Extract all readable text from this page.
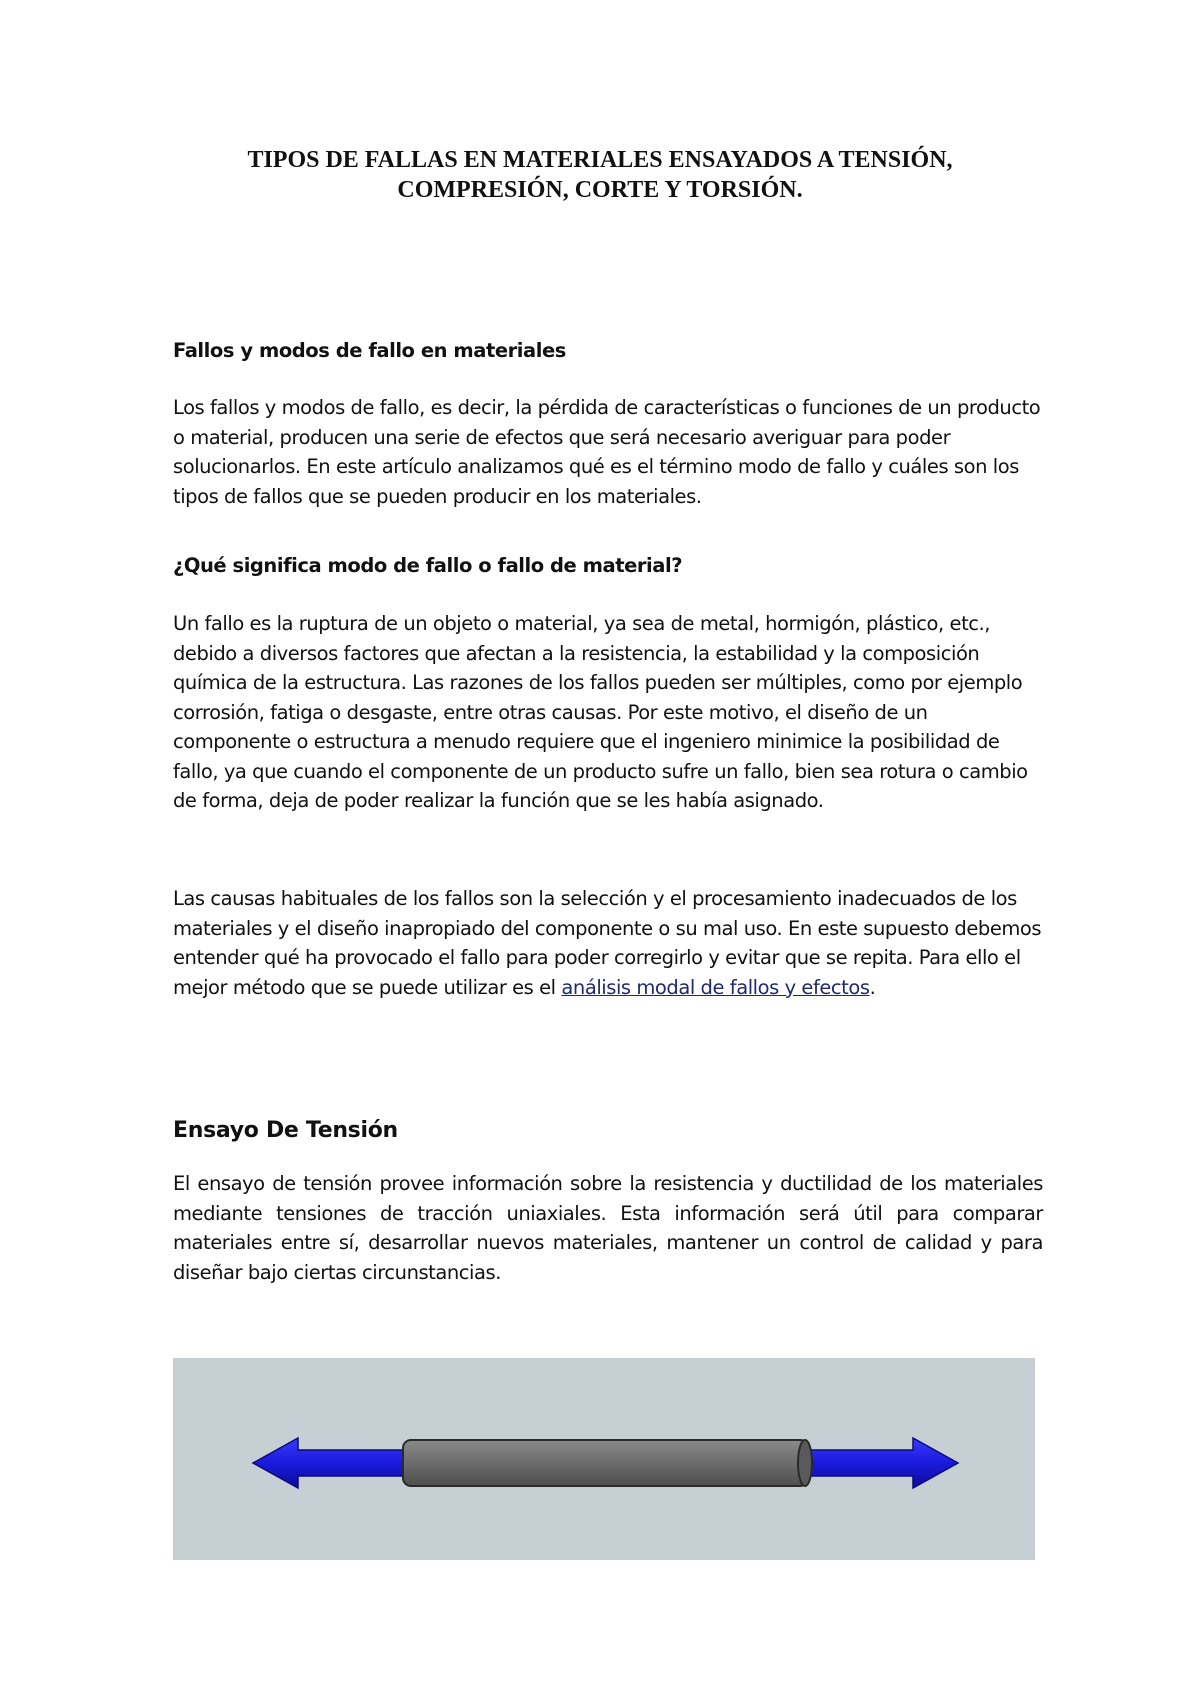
TIPOS DE FALLAS EN MATERIALES ENSAYADOS A TENSIÓN,
COMPRESIÓN, CORTE Y TORSIÓN.

Fallos y modos de fallo en materiales

Los fallos y modos de fallo, es decir, la pérdida de características o funciones de un producto o material, producen una serie de efectos que será necesario averiguar para poder solucionarlos. En este artículo analizamos qué es el término modo de fallo y cuáles son los tipos de fallos que se pueden producir en los materiales.

¿Qué significa modo de fallo o fallo de material?

Un fallo es la ruptura de un objeto o material, ya sea de metal, hormigón, plástico, etc., debido a diversos factores que afectan a la resistencia, la estabilidad y la composición química de la estructura. Las razones de los fallos pueden ser múltiples, como por ejemplo corrosión, fatiga o desgaste, entre otras causas. Por este motivo, el diseño de un componente o estructura a menudo requiere que el ingeniero minimice la posibilidad de fallo, ya que cuando el componente de un producto sufre un fallo, bien sea rotura o cambio de forma, deja de poder realizar la función que se les había asignado.

Las causas habituales de los fallos son la selección y el procesamiento inadecuados de los materiales y el diseño inapropiado del componente o su mal uso. En este supuesto debemos entender qué ha provocado el fallo para poder corregirlo y evitar que se repita. Para ello el mejor método que se puede utilizar es el análisis modal de fallos y efectos.

Ensayo De Tensión

El ensayo de tensión provee información sobre la resistencia y ductilidad de los materiales mediante tensiones de tracción uniaxiales. Esta información será útil para comparar materiales entre sí, desarrollar nuevos materiales, mantener un control de calidad y para diseñar bajo ciertas circunstancias.
